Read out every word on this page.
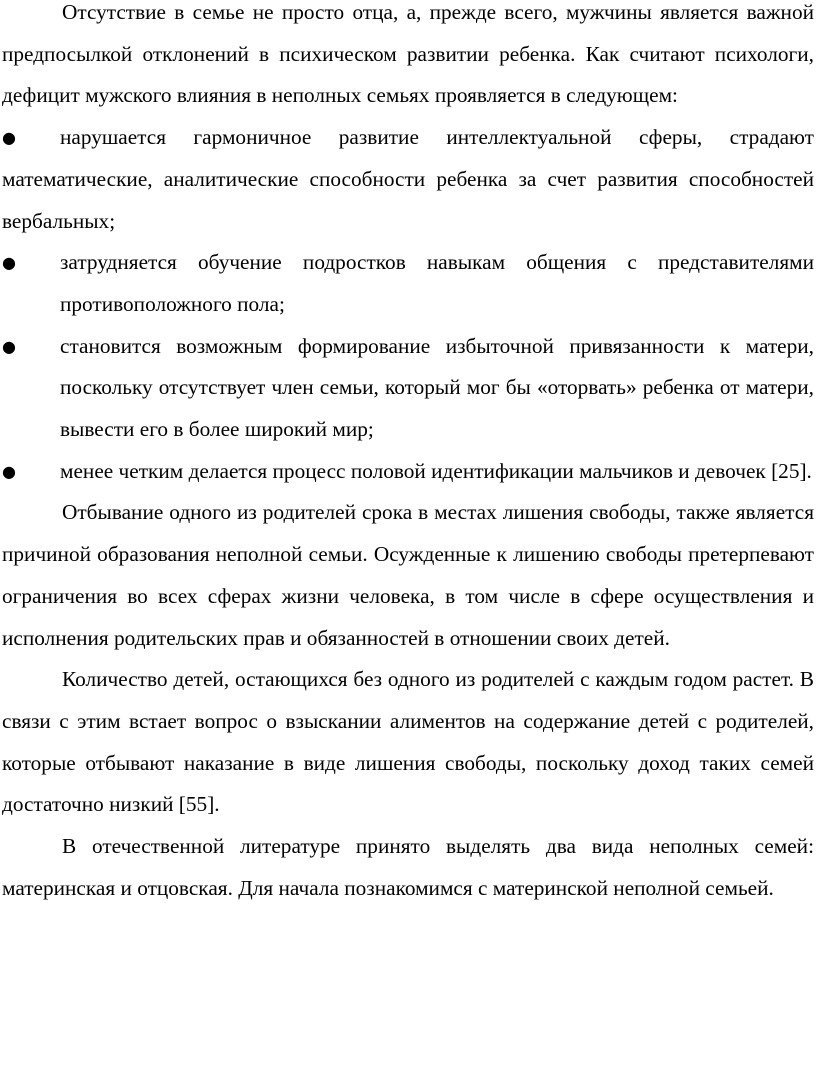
Отсутствие в семье не просто отца, а, прежде всего, мужчины является важной предпосылкой отклонений в психическом развитии ребенка. Как считают психологи, дефицит мужского влияния в неполных семьях проявляется в следующем:

● нарушается гармоничное развитие интеллектуальной сферы, страдают математические, аналитические способности ребенка за счет развития способностей вербальных;

● затрудняется обучение подростков навыкам общения с представителями противоположного пола;

● становится возможным формирование избыточной привязанности к матери, поскольку отсутствует член семьи, который мог бы «оторвать» ребенка от матери, вывести его в более широкий мир;

● менее четким делается процесс половой идентификации мальчиков и девочек [25].

Отбывание одного из родителей срока в местах лишения свободы, также является причиной образования неполной семьи. Осужденные к лишению свободы претерпевают ограничения во всех сферах жизни человека, в том числе в сфере осуществления и исполнения родительских прав и обязанностей в отношении своих детей.

Количество детей, остающихся без одного из родителей с каждым годом растет. В связи с этим встает вопрос о взыскании алиментов на содержание детей с родителей, которые отбывают наказание в виде лишения свободы, поскольку доход таких семей достаточно низкий [55].

В отечественной литературе принято выделять два вида неполных семей: материнская и отцовская. Для начала познакомимся с материнской неполной семьей.
